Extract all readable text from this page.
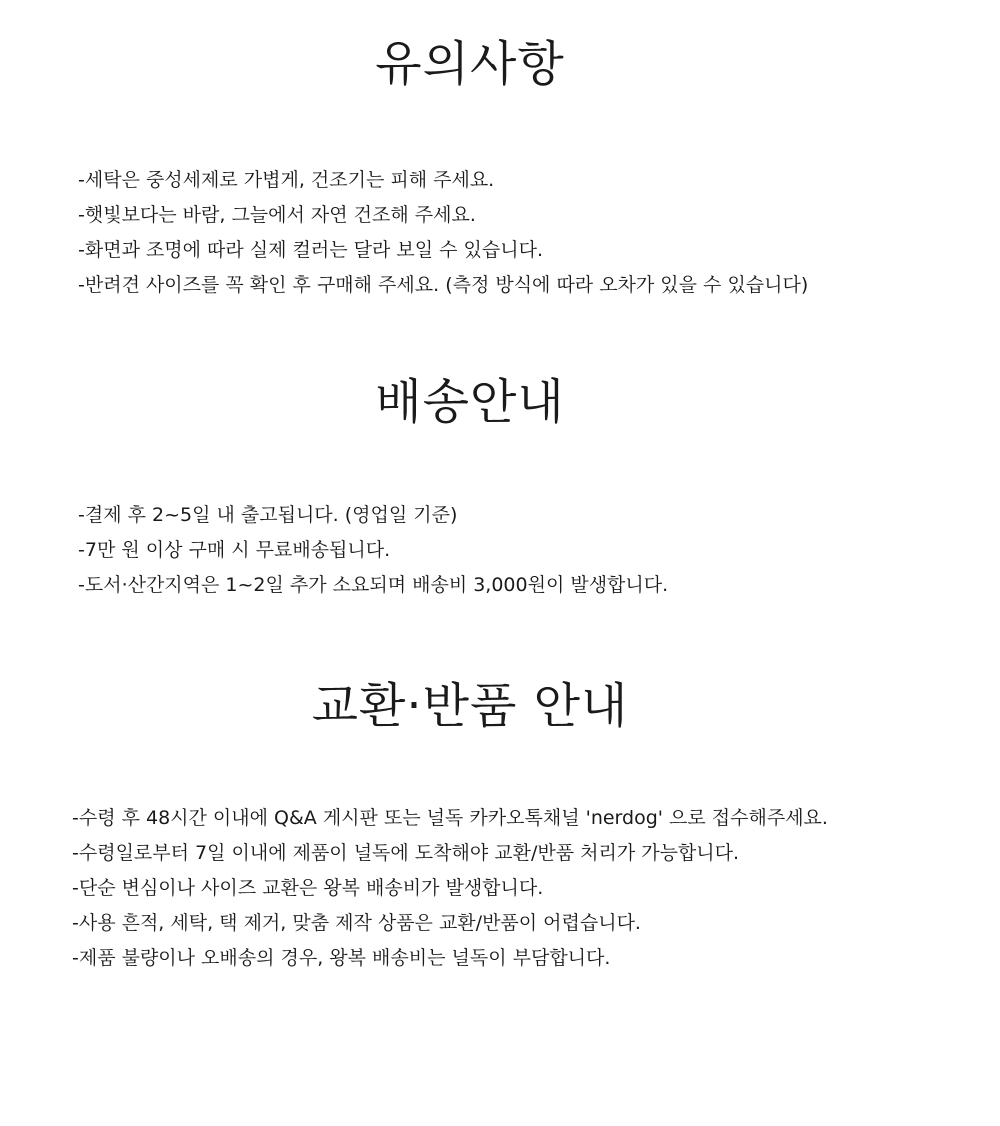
유의사항
-세탁은 중성세제로 가볍게, 건조기는 피해 주세요.
-햇빛보다는 바람, 그늘에서 자연 건조해 주세요.
-화면과 조명에 따라 실제 컬러는 달라 보일 수 있습니다.
-반려견 사이즈를 꼭 확인 후 구매해 주세요. (측정 방식에 따라 오차가 있을 수 있습니다)
배송안내
-결제 후 2~5일 내 출고됩니다. (영업일 기준)
-7만 원 이상 구매 시 무료배송됩니다.
-도서·산간지역은 1~2일 추가 소요되며 배송비 3,000원이 발생합니다.
교환·반품 안내
-수령 후 48시간 이내에 Q&A 게시판 또는 널독 카카오톡채널 'nerdog' 으로 접수해주세요.
-수령일로부터 7일 이내에 제품이 널독에 도착해야 교환/반품 처리가 가능합니다.
-단순 변심이나 사이즈 교환은 왕복 배송비가 발생합니다.
-사용 흔적, 세탁, 택 제거, 맞춤 제작 상품은 교환/반품이 어렵습니다.
-제품 불량이나 오배송의 경우, 왕복 배송비는 널독이 부담합니다.
